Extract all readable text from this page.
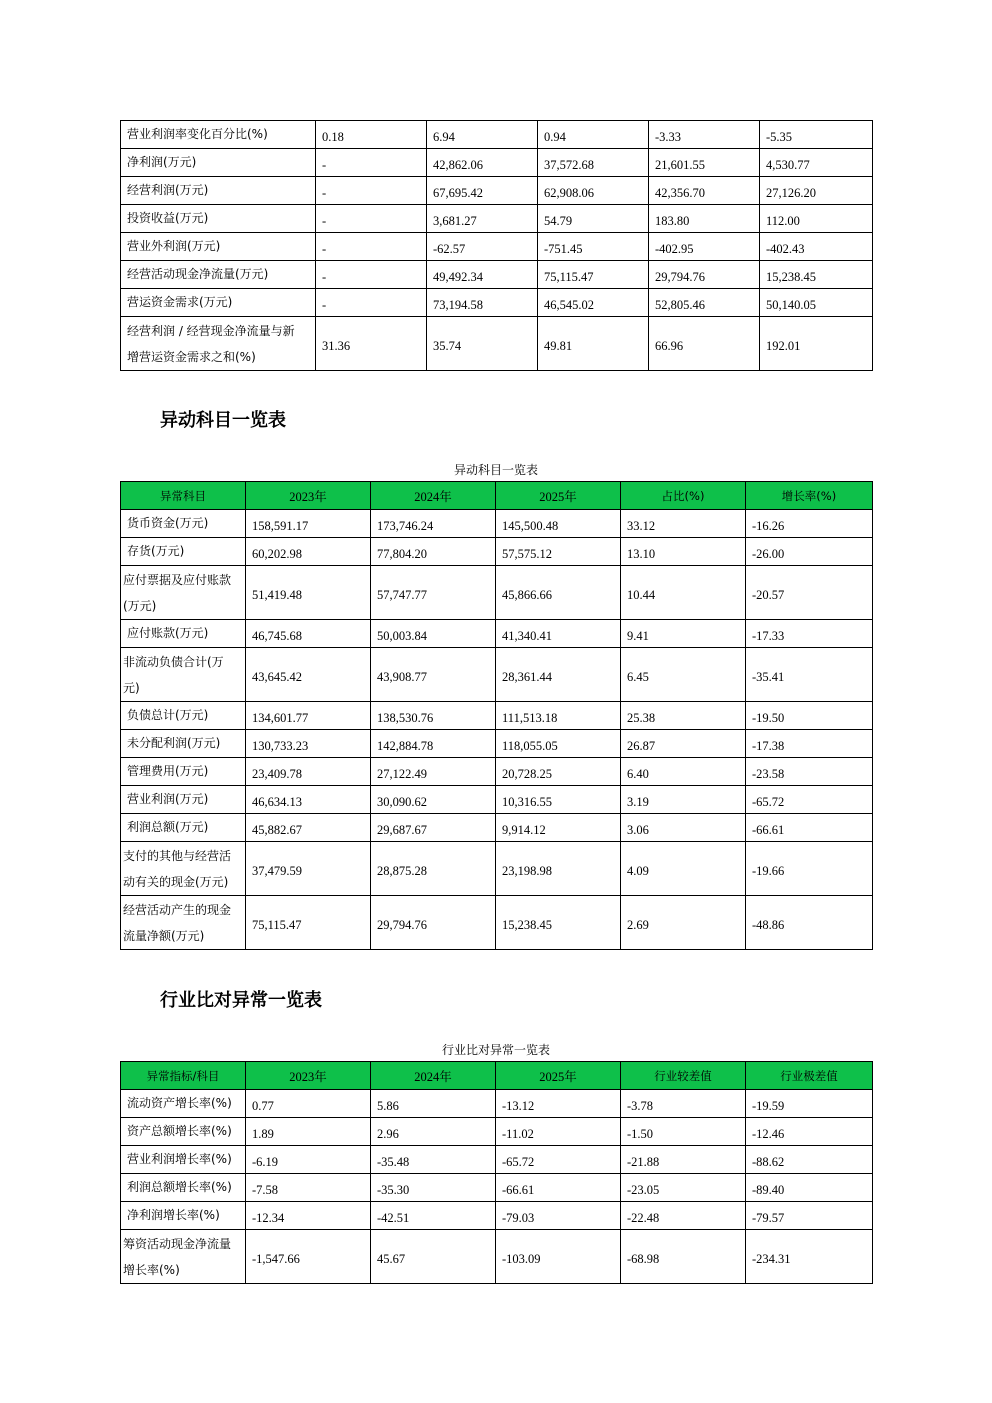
营业利润率变化百分比(%)	0.18	6.94	0.94	-3.33	-5.35
净利润(万元)	-	42,862.06	37,572.68	21,601.55	4,530.77
经营利润(万元)	-	67,695.42	62,908.06	42,356.70	27,126.20
投资收益(万元)	-	3,681.27	54.79	183.80	112.00
营业外利润(万元)	-	-62.57	-751.45	-402.95	-402.43
经营活动现金净流量(万元)	-	49,492.34	75,115.47	29,794.76	15,238.45
营运资金需求(万元)	-	73,194.58	46,545.02	52,805.46	50,140.05
经营利润 / 经营现金净流量与新
增营运资金需求之和(%)	31.36	35.74	49.81	66.96	192.01
异动科目一览表
异动科目一览表
异常科目	2023年	2024年	2025年	占比(%)	增长率(%)
货币资金(万元)	158,591.17	173,746.24	145,500.48	33.12	-16.26
存货(万元)	60,202.98	77,804.20	57,575.12	13.10	-26.00
应付票据及应付账款
(万元)	51,419.48	57,747.77	45,866.66	10.44	-20.57
应付账款(万元)	46,745.68	50,003.84	41,340.41	9.41	-17.33
非流动负债合计(万
元)	43,645.42	43,908.77	28,361.44	6.45	-35.41
负债总计(万元)	134,601.77	138,530.76	111,513.18	25.38	-19.50
未分配利润(万元)	130,733.23	142,884.78	118,055.05	26.87	-17.38
管理费用(万元)	23,409.78	27,122.49	20,728.25	6.40	-23.58
营业利润(万元)	46,634.13	30,090.62	10,316.55	3.19	-65.72
利润总额(万元)	45,882.67	29,687.67	9,914.12	3.06	-66.61
支付的其他与经营活
动有关的现金(万元)	37,479.59	28,875.28	23,198.98	4.09	-19.66
经营活动产生的现金
流量净额(万元)	75,115.47	29,794.76	15,238.45	2.69	-48.86
行业比对异常一览表
行业比对异常一览表
异常指标/科目	2023年	2024年	2025年	行业较差值	行业极差值
流动资产增长率(%)	0.77	5.86	-13.12	-3.78	-19.59
资产总额增长率(%)	1.89	2.96	-11.02	-1.50	-12.46
营业利润增长率(%)	-6.19	-35.48	-65.72	-21.88	-88.62
利润总额增长率(%)	-7.58	-35.30	-66.61	-23.05	-89.40
净利润增长率(%)	-12.34	-42.51	-79.03	-22.48	-79.57
筹资活动现金净流量
增长率(%)	-1,547.66	45.67	-103.09	-68.98	-234.31
